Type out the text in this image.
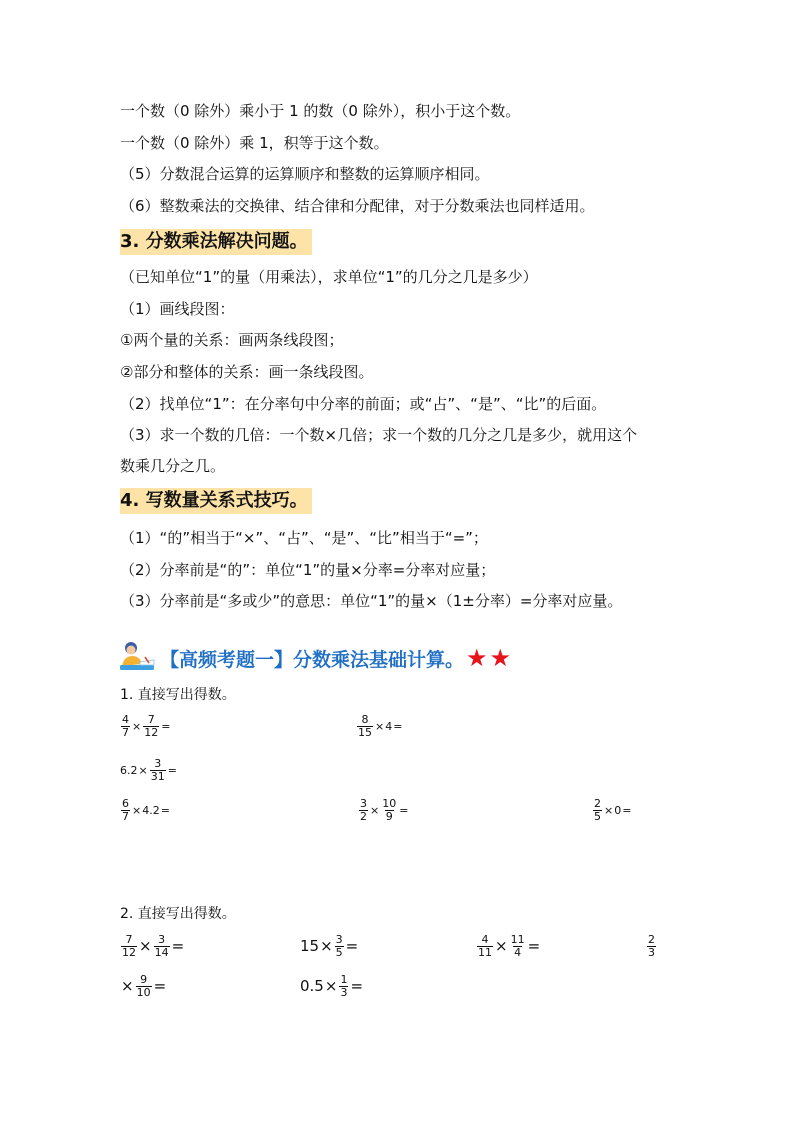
一个数（0 除外）乘小于 1 的数（0 除外），积小于这个数。
一个数（0 除外）乘 1，积等于这个数。
（5）分数混合运算的运算顺序和整数的运算顺序相同。
（6）整数乘法的交换律、结合律和分配律，对于分数乘法也同样适用。
3. 分数乘法解决问题。
（已知单位“1”的量（用乘法），求单位“1”的几分之几是多少）
（1）画线段图：
①两个量的关系：画两条线段图；
②部分和整体的关系：画一条线段图。
（2）找单位“1”：在分率句中分率的前面；或“占”、“是”、“比”的后面。
（3）求一个数的几倍：一个数×几倍；求一个数的几分之几是多少，就用这个
数乘几分之几。
4. 写数量关系式技巧。
（1）“的”相当于“×”、“占”、“是”、“比”相当于“=”；
（2）分率前是“的”：单位“1”的量×分率=分率对应量；
（3）分率前是“多或少”的意思：单位“1”的量×（1±分率）=分率对应量。
【高频考题一】分数乘法基础计算。 ★ ★
1. 直接写出得数。
$\frac{4}{7} \times \frac{7}{12}$ =	$\frac{8}{15} \times 4$ =
$6.2 \times \frac{3}{31}$ =
$\frac{6}{7} \times 4.2$ =	$\frac{3}{2} \times \frac{10}{9}$ =	$\frac{2}{5} \times 0$ =
2. 直接写出得数。
$\frac{7}{12} \times \frac{3}{14}$ =	$15 \times \frac{3}{5}$ =	$\frac{4}{11} \times \frac{11}{4}$ =	$\frac{2}{3}$
× $\frac{9}{10}$ =	$0.5 \times \frac{1}{3}$ =
